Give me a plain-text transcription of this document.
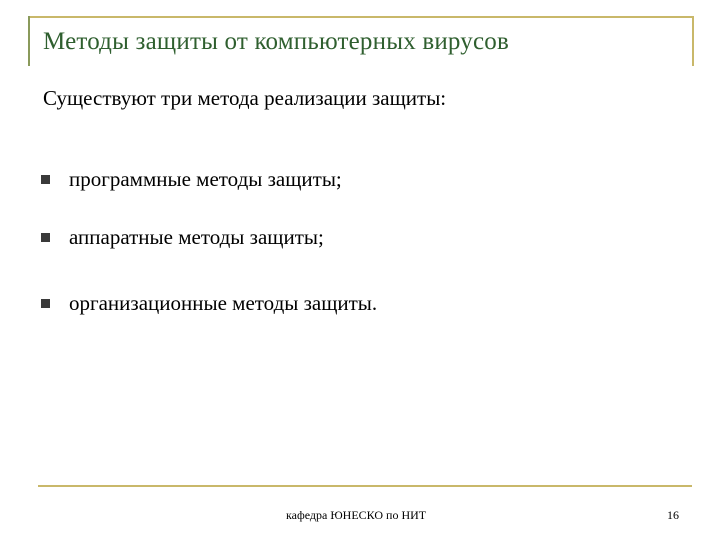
Методы защиты от компьютерных вирусов
Существуют три метода реализации защиты:
программные методы защиты;
аппаратные методы защиты;
организационные методы защиты.
кафедра ЮНЕСКО по НИТ	16
